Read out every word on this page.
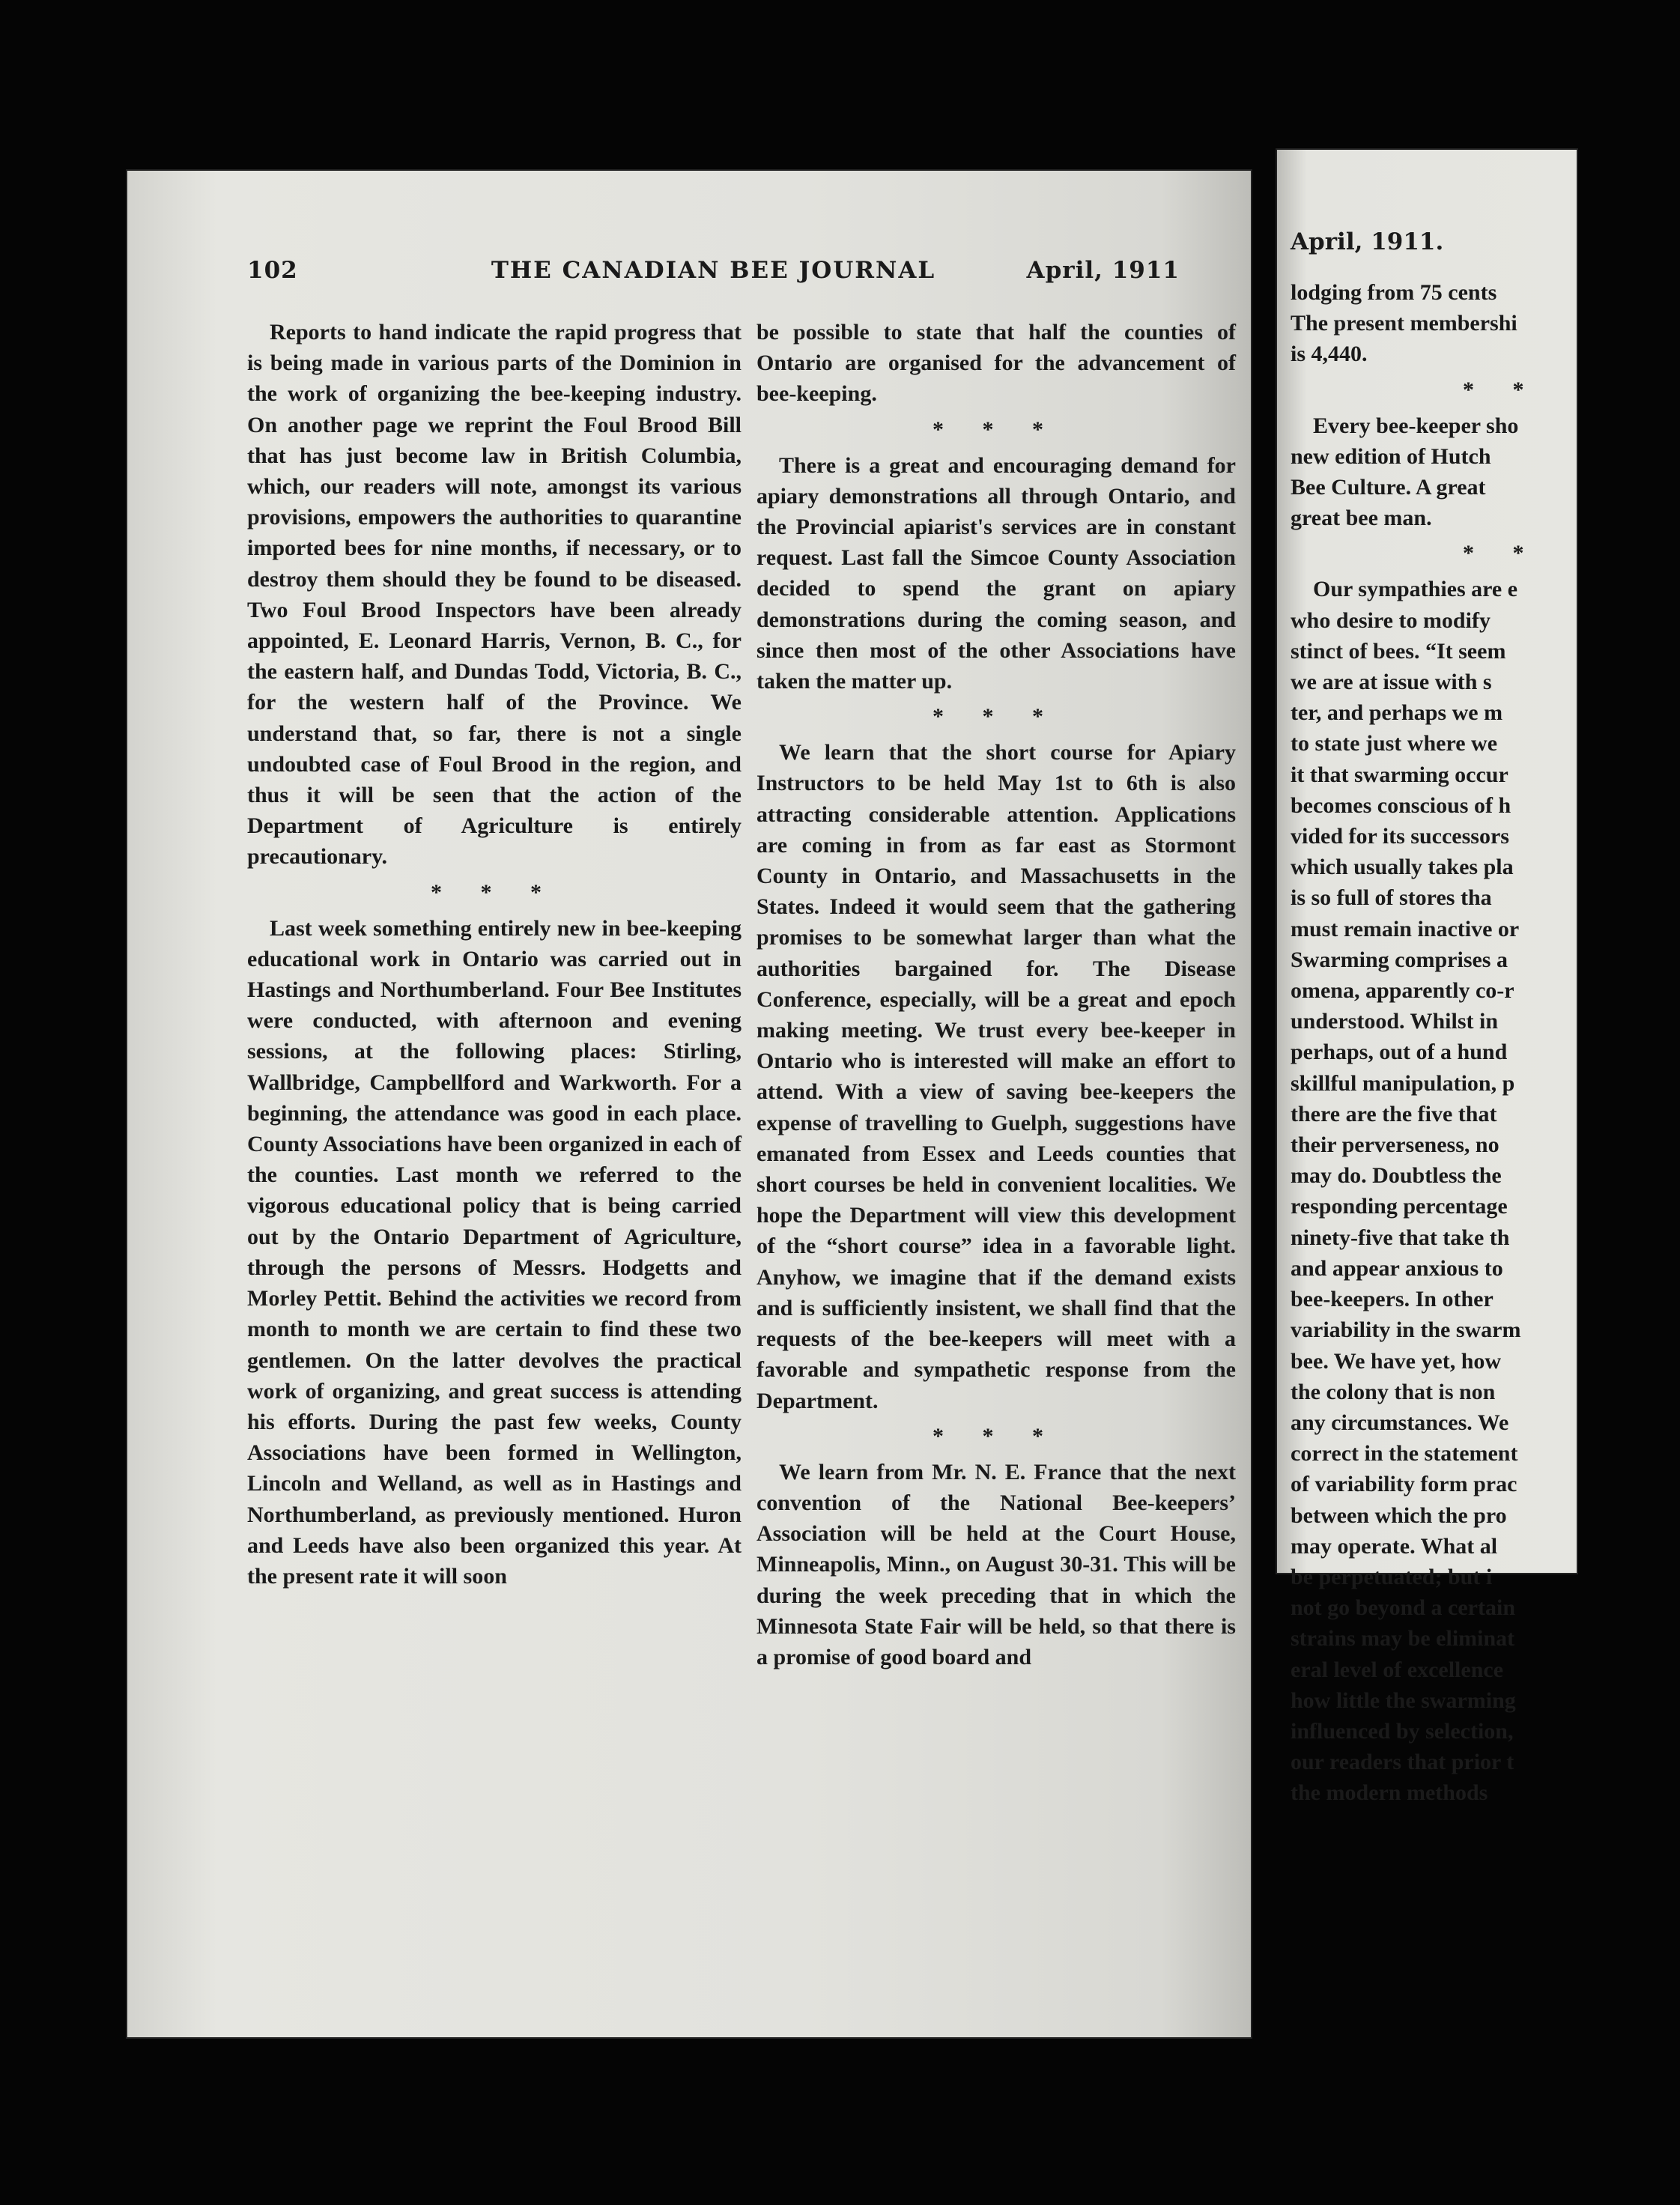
102	THE CANADIAN BEE JOURNAL	April, 1911
Reports to hand indicate the rapid progress that is being made in various parts of the Dominion in the work of organizing the bee-keeping industry. On another page we reprint the Foul Brood Bill that has just become law in British Columbia, which, our readers will note, amongst its various provisions, empowers the authorities to quarantine imported bees for nine months, if necessary, or to destroy them should they be found to be diseased. Two Foul Brood Inspectors have been already appointed, E. Leonard Harris, Vernon, B. C., for the eastern half, and Dundas Todd, Victoria, B. C., for the western half of the Province. We understand that, so far, there is not a single undoubted case of Foul Brood in the region, and thus it will be seen that the action of the Department of Agriculture is entirely precautionary.
* * *
Last week something entirely new in bee-keeping educational work in Ontario was carried out in Hastings and Northumberland. Four Bee Institutes were conducted, with afternoon and evening sessions, at the following places: Stirling, Wallbridge, Campbellford and Warkworth. For a beginning, the attendance was good in each place. County Associations have been organized in each of the counties. Last month we referred to the vigorous educational policy that is being carried out by the Ontario Department of Agriculture, through the persons of Messrs. Hodgetts and Morley Pettit. Behind the activities we record from month to month we are certain to find these two gentlemen. On the latter devolves the practical work of organizing, and great success is attending his efforts. During the past few weeks, County Associations have been formed in Wellington, Lincoln and Welland, as well as in Hastings and Northumberland, as previously mentioned. Huron and Leeds have also been organized this year. At the present rate it will soon
be possible to state that half the counties of Ontario are organised for the advancement of bee-keeping.
* * *
There is a great and encouraging demand for apiary demonstrations all through Ontario, and the Provincial apiarist's services are in constant request. Last fall the Simcoe County Association decided to spend the grant on apiary demonstrations during the coming season, and since then most of the other Associations have taken the matter up.
* * *
We learn that the short course for Apiary Instructors to be held May 1st to 6th is also attracting considerable attention. Applications are coming in from as far east as Stormont County in Ontario, and Massachusetts in the States. Indeed it would seem that the gathering promises to be somewhat larger than what the authorities bargained for. The Disease Conference, especially, will be a great and epoch making meeting. We trust every bee-keeper in Ontario who is interested will make an effort to attend. With a view of saving bee-keepers the expense of travelling to Guelph, suggestions have emanated from Essex and Leeds counties that short courses be held in convenient localities. We hope the Department will view this development of the “short course” idea in a favorable light. Anyhow, we imagine that if the demand exists and is sufficiently insistent, we shall find that the requests of the bee-keepers will meet with a favorable and sympathetic response from the Department.
* * *
We learn from Mr. N. E. France that the next convention of the National Bee-keepers’ Association will be held at the Court House, Minneapolis, Minn., on August 30-31. This will be during the week preceding that in which the Minnesota State Fair will be held, so that there is a promise of good board and
April, 1911.
lodging from 75 cents
The present membershi
is 4,440.
* *
Every bee-keeper sho
new edition of Hutch
Bee Culture. A great
great bee man.
* *
Our sympathies are e
who desire to modify
stinct of bees. “It seem
we are at issue with s
ter, and perhaps we m
to state just where we
it that swarming occur
becomes conscious of h
vided for its successors
which usually takes pla
is so full of stores tha
must remain inactive or
Swarming comprises a
omena, apparently co-r
understood. Whilst in
perhaps, out of a hund
skillful manipulation, p
there are the five that
their perverseness, no
may do. Doubtless the
responding percentage
ninety-five that take th
and appear anxious to
bee-keepers. In other
variability in the swarm
bee. We have yet, how
the colony that is non
any circumstances. We
correct in the statement
of variability form prac
between which the pro
may operate. What al
be perpetuated; but i
not go beyond a certain
strains may be eliminat
eral level of excellence
how little the swarming
influenced by selection,
our readers that prior t
the modern methods
